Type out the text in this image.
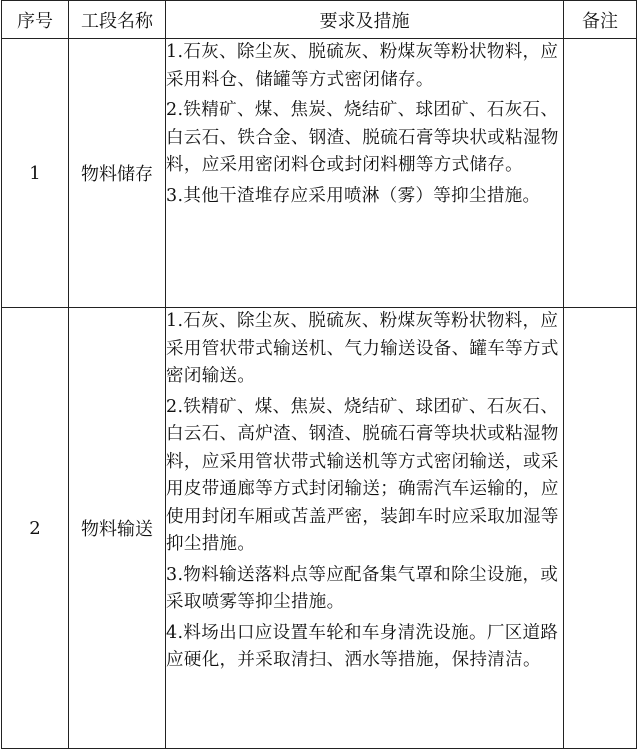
序号	工段名称	要求及措施	备注
1	物料储存	1.石灰、除尘灰、脱硫灰、粉煤灰等粉状物料，应采用料仓、储罐等方式密闭储存。
2.铁精矿、煤、焦炭、烧结矿、球团矿、石灰石、白云石、铁合金、钢渣、脱硫石膏等块状或粘湿物料，应采用密闭料仓或封闭料棚等方式储存。
3.其他干渣堆存应采用喷淋（雾）等抑尘措施。	

2	物料输送	1.石灰、除尘灰、脱硫灰、粉煤灰等粉状物料，应采用管状带式输送机、气力输送设备、罐车等方式密闭输送。
2.铁精矿、煤、焦炭、烧结矿、球团矿、石灰石、白云石、高炉渣、钢渣、脱硫石膏等块状或粘湿物料，应采用管状带式输送机等方式密闭输送，或采用皮带通廊等方式封闭输送；确需汽车运输的，应使用封闭车厢或苫盖严密，装卸车时应采取加湿等抑尘措施。
3.物料输送落料点等应配备集气罩和除尘设施，或采取喷雾等抑尘措施。
4.料场出口应设置车轮和车身清洗设施。厂区道路应硬化，并采取清扫、洒水等措施，保持清洁。	
